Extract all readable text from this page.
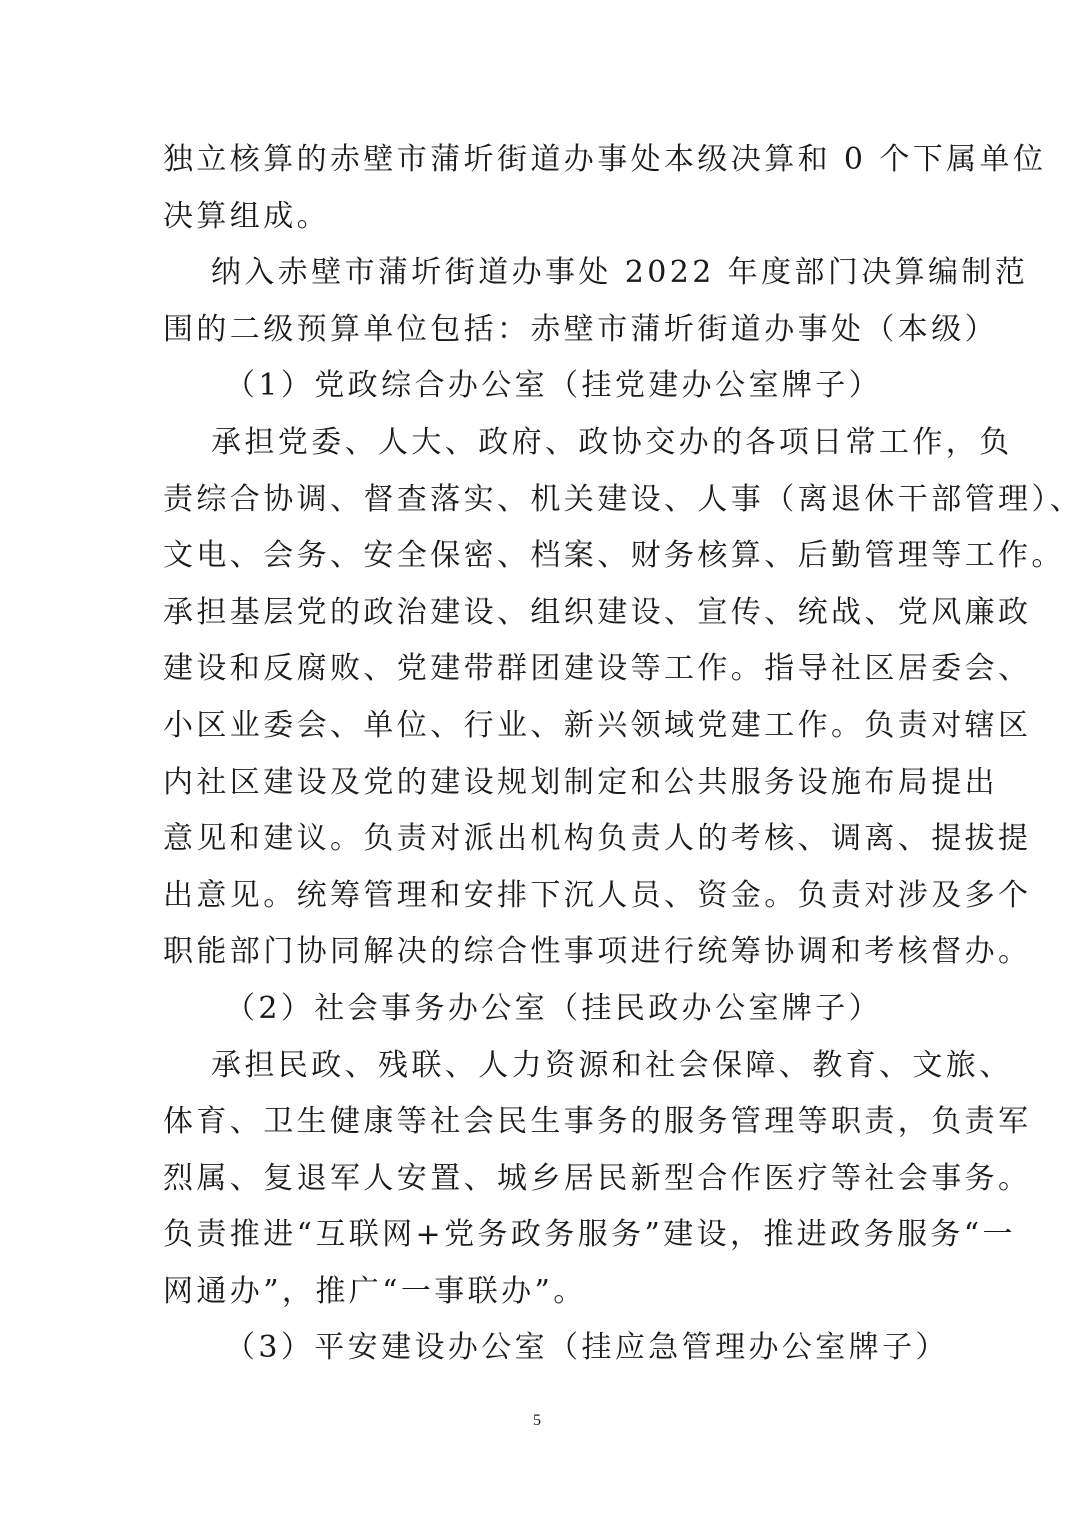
独立核算的赤壁市蒲圻街道办事处本级决算和 0 个下属单位
决算组成。
纳入赤壁市蒲圻街道办事处 2022 年度部门决算编制范
围的二级预算单位包括：赤壁市蒲圻街道办事处（本级）
（1）党政综合办公室（挂党建办公室牌子）
承担党委、人大、政府、政协交办的各项日常工作，负
责综合协调、督查落实、机关建设、人事（离退休干部管理）、
文电、会务、安全保密、档案、财务核算、后勤管理等工作。
承担基层党的政治建设、组织建设、宣传、统战、党风廉政
建设和反腐败、党建带群团建设等工作。指导社区居委会、
小区业委会、单位、行业、新兴领域党建工作。负责对辖区
内社区建设及党的建设规划制定和公共服务设施布局提出
意见和建议。负责对派出机构负责人的考核、调离、提拔提
出意见。统筹管理和安排下沉人员、资金。负责对涉及多个
职能部门协同解决的综合性事项进行统筹协调和考核督办。
（2）社会事务办公室（挂民政办公室牌子）
承担民政、残联、人力资源和社会保障、教育、文旅、
体育、卫生健康等社会民生事务的服务管理等职责，负责军
烈属、复退军人安置、城乡居民新型合作医疗等社会事务。
负责推进“互联网+党务政务服务”建设，推进政务服务“一
网通办”，推广“一事联办”。
（3）平安建设办公室（挂应急管理办公室牌子）
5
